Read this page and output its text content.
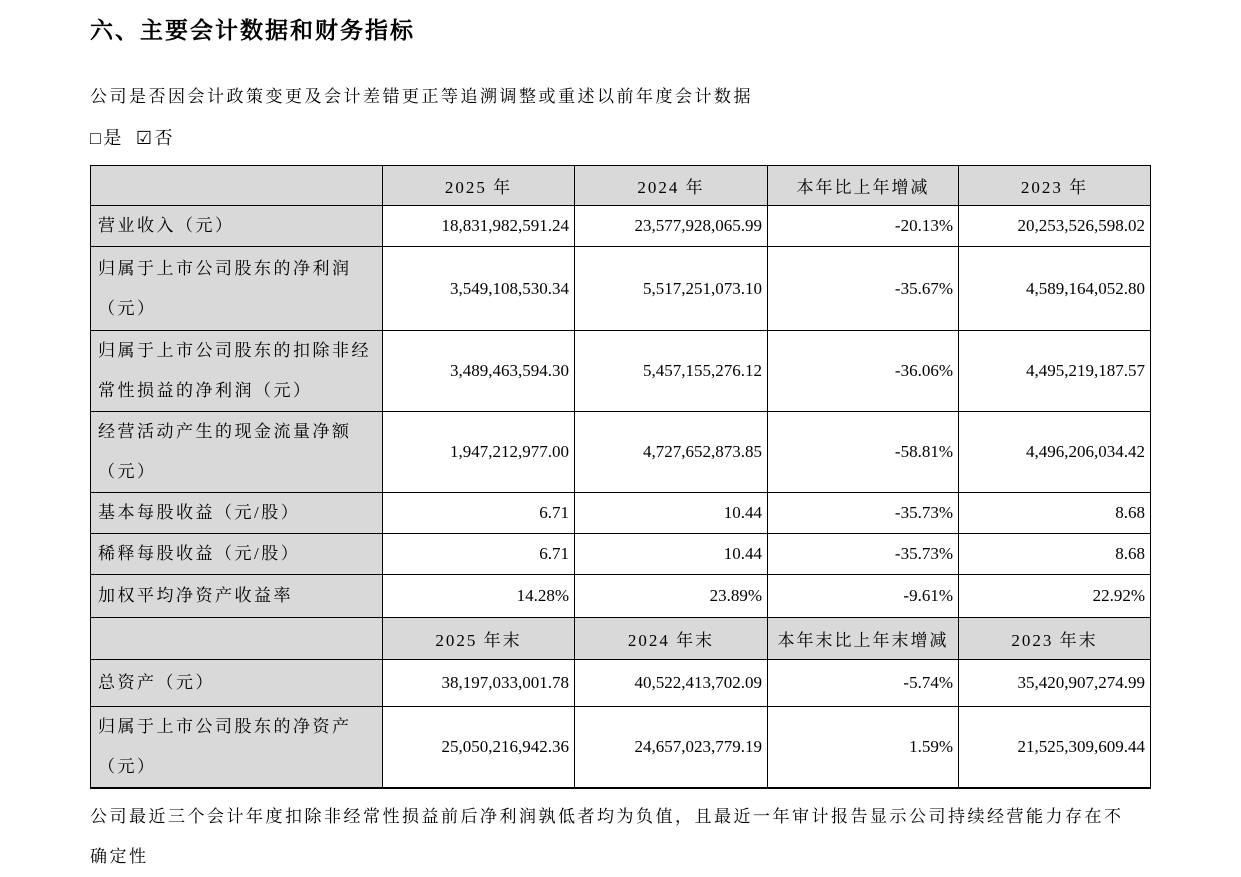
六、主要会计数据和财务指标

公司是否因会计政策变更及会计差错更正等追溯调整或重述以前年度会计数据

□是 ☑否

	2025 年	2024 年	本年比上年增减	2023 年
营业收入（元）	18,831,982,591.24	23,577,928,065.99	-20.13%	20,253,526,598.02
归属于上市公司股东的净利润（元）	3,549,108,530.34	5,517,251,073.10	-35.67%	4,589,164,052.80
归属于上市公司股东的扣除非经常性损益的净利润（元）	3,489,463,594.30	5,457,155,276.12	-36.06%	4,495,219,187.57
经营活动产生的现金流量净额（元）	1,947,212,977.00	4,727,652,873.85	-58.81%	4,496,206,034.42
基本每股收益（元/股）	6.71	10.44	-35.73%	8.68
稀释每股收益（元/股）	6.71	10.44	-35.73%	8.68
加权平均净资产收益率	14.28%	23.89%	-9.61%	22.92%
	2025 年末	2024 年末	本年末比上年末增减	2023 年末
总资产（元）	38,197,033,001.78	40,522,413,702.09	-5.74%	35,420,907,274.99
归属于上市公司股东的净资产（元）	25,050,216,942.36	24,657,023,779.19	1.59%	21,525,309,609.44

公司最近三个会计年度扣除非经常性损益前后净利润孰低者均为负值，且最近一年审计报告显示公司持续经营能力存在不确定性
